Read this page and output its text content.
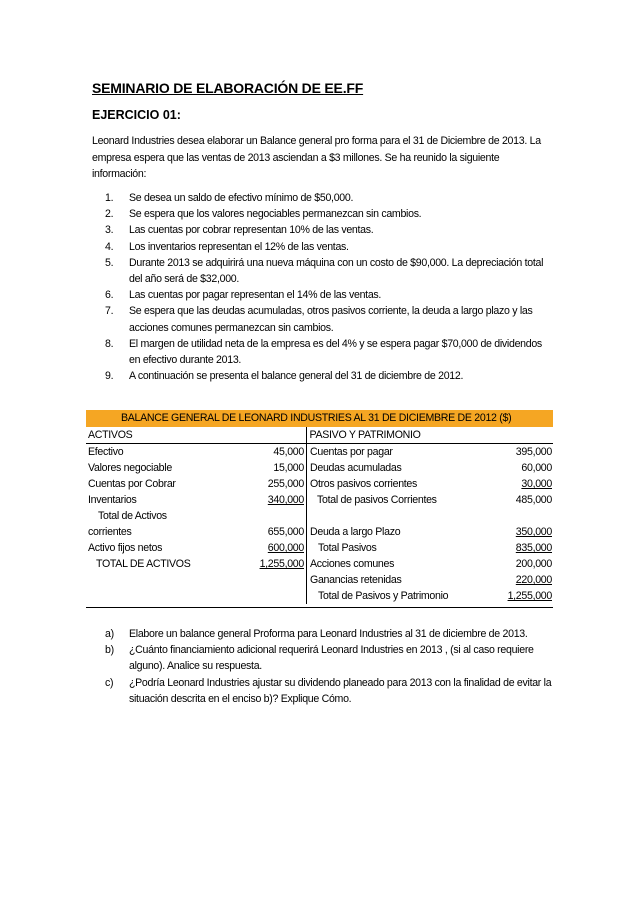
SEMINARIO DE ELABORACIÓN DE EE.FF
EJERCICIO 01:
Leonard Industries desea elaborar un Balance general pro forma para el 31 de Diciembre de 2013. La empresa espera que las ventas de 2013 asciendan a $3 millones. Se ha reunido la siguiente información:
1. Se desea un saldo de efectivo mínimo de $50,000.
2. Se espera que los valores negociables permanezcan sin cambios.
3. Las cuentas por cobrar representan 10% de las ventas.
4. Los inventarios representan el 12% de las ventas.
5. Durante 2013 se adquirirá una nueva máquina con un costo de $90,000. La depreciación total del año será de $32,000.
6. Las cuentas por pagar representan el 14% de las ventas.
7. Se espera que las deudas acumuladas, otros pasivos corriente, la deuda a largo plazo y las acciones comunes permanezcan sin cambios.
8. El margen de utilidad neta de la empresa es del 4% y se espera pagar $70,000 de dividendos en efectivo durante 2013.
9. A continuación se presenta el balance general del 31 de diciembre de 2012.
BALANCE GENERAL DE LEONARD INDUSTRIES AL 31 DE DICIEMBRE DE 2012 ($)
ACTIVOS	PASIVO Y PATRIMONIO
Efectivo	45,000 Cuentas por pagar	395,000
Valores negociable	15,000 Deudas acumuladas	60,000
Cuentas por Cobrar	255,000 Otros pasivos corrientes	30,000
Inventarios	340,000	Total de pasivos Corrientes	485,000
Total de Activos
corrientes	655,000 Deuda a largo Plazo	350,000
Activo fijos netos	600,000	Total Pasivos	835,000
TOTAL DE ACTIVOS	1,255,000 Acciones comunes	200,000
Ganancias retenidas	220,000
Total de Pasivos y Patrimonio	1,255,000
a) Elabore un balance general Proforma para Leonard Industries al 31 de diciembre de 2013.
b) ¿Cuánto financiamiento adicional requerirá Leonard Industries en 2013 , (si al caso requiere alguno). Analice su respuesta.
c) ¿Podría Leonard Industries ajustar su dividendo planeado para 2013 con la finalidad de evitar la situación descrita en el enciso b)? Explique Cómo.
